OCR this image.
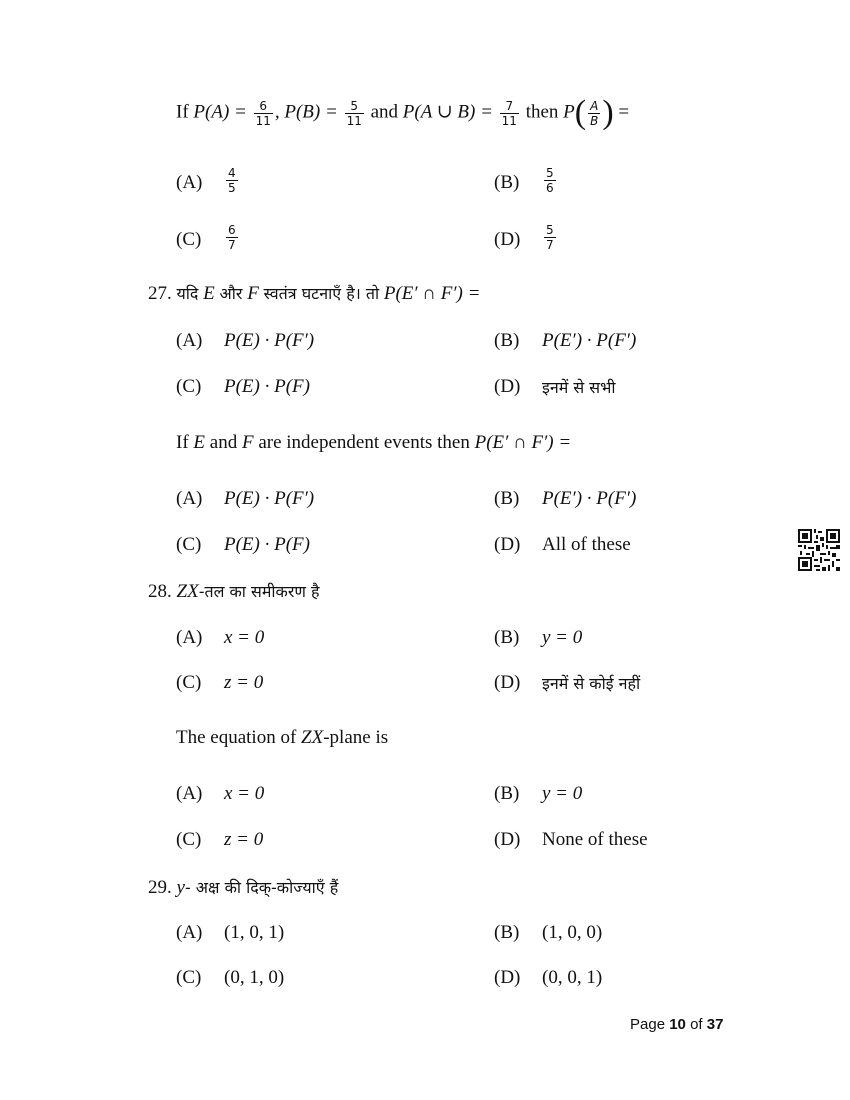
If $P(A) = \frac{6}{11}$ , $P(B) = \frac{5}{11}$ and P(A ∪ $B) = \frac{7}{11}$ then $P( \frac{A}{B}$ ) =
$(A) \frac{4}{5}$	$(B) \frac{5}{6}$
$(C) \frac{6}{7}$	$(D) \frac{5}{7}$
27. यदि E और F स्वतंत्र घटनाएँ है। तो P(E′ ∩ F′) =
(A) P(E) · P(F′)	(B) P(E′) · P(F′)
(C) P(E) · P(F)	(D) इनमें से सभी
If E and F are independent events then P(E′ ∩ F′) =
(A) P(E) · P(F′)	(B) P(E′) · P(F′)
(C) P(E) · P(F)	(D) All of these
28. ZX-तल का समीकरण है
(A) x = 0	(B) y = 0
(C) z = 0	(D) इनमें से कोई नहीं
The equation of ZX-plane is
(A) x = 0	(B) y = 0
(C) z = 0	(D) None of these
29. y- अक्ष की दिक्-कोज्याएँ हैं
(A) (1, 0, 1)	(B) (1, 0, 0)
(C) (0, 1, 0)	(D) (0, 0, 1)
Page 10 of 37
